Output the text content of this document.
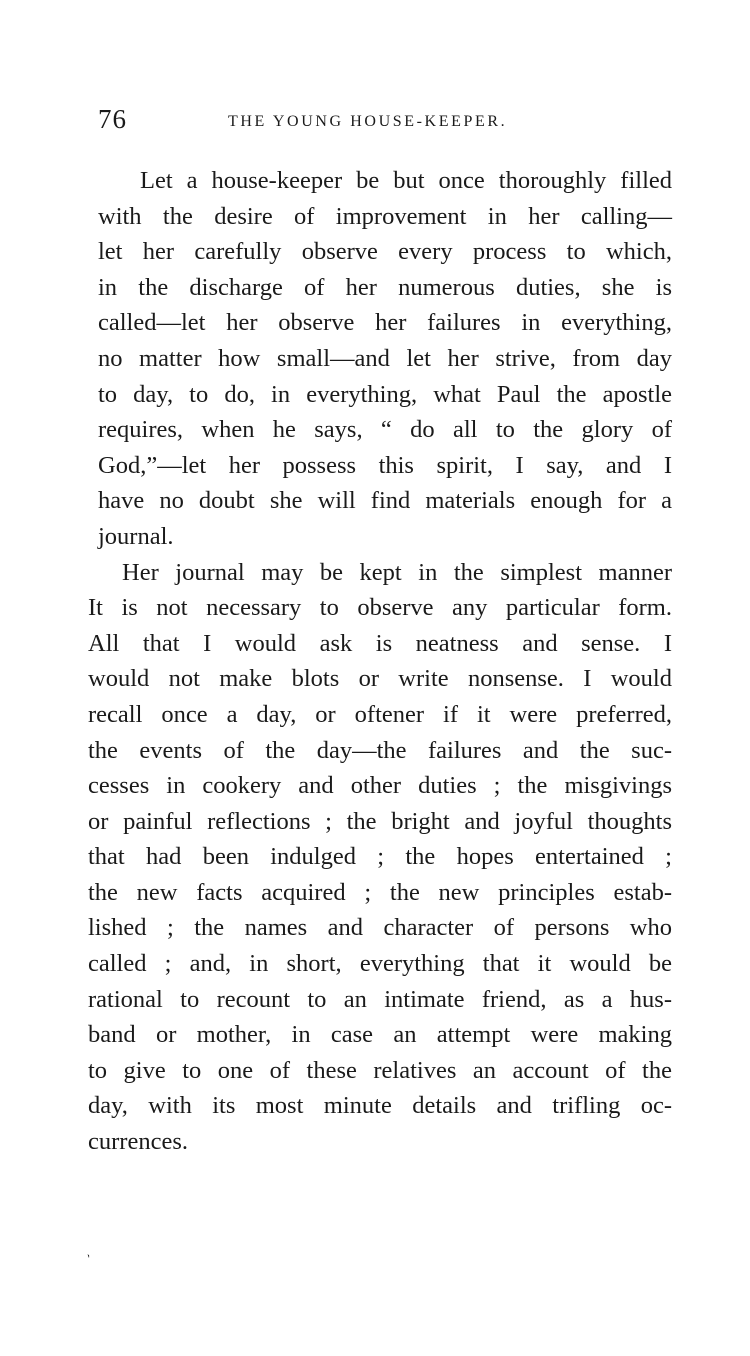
76	THE YOUNG HOUSE-KEEPER.
Let a house-keeper be but once thoroughly filled
with the desire of improvement in her calling—
let her carefully observe every process to which,
in the discharge of her numerous duties, she is
called—let her observe her failures in everything,
no matter how small—and let her strive, from day
to day, to do, in everything, what Paul the apostle
requires, when he says, “ do all to the glory of
God,”—let her possess this spirit, I say, and I
have no doubt she will find materials enough for a
journal.
Her journal may be kept in the simplest manner
It is not necessary to observe any particular form.
All that I would ask is neatness and sense. I
would not make blots or write nonsense. I would
recall once a day, or oftener if it were preferred,
the events of the day—the failures and the suc-
cesses in cookery and other duties ; the misgivings
or painful reflections ; the bright and joyful thoughts
that had been indulged ; the hopes entertained ;
the new facts acquired ; the new principles estab-
lished ; the names and character of persons who
called ; and, in short, everything that it would be
rational to recount to an intimate friend, as a hus-
band or mother, in case an attempt were making
to give to one of these relatives an account of the
day, with its most minute details and trifling oc-
currences.
ˎ
